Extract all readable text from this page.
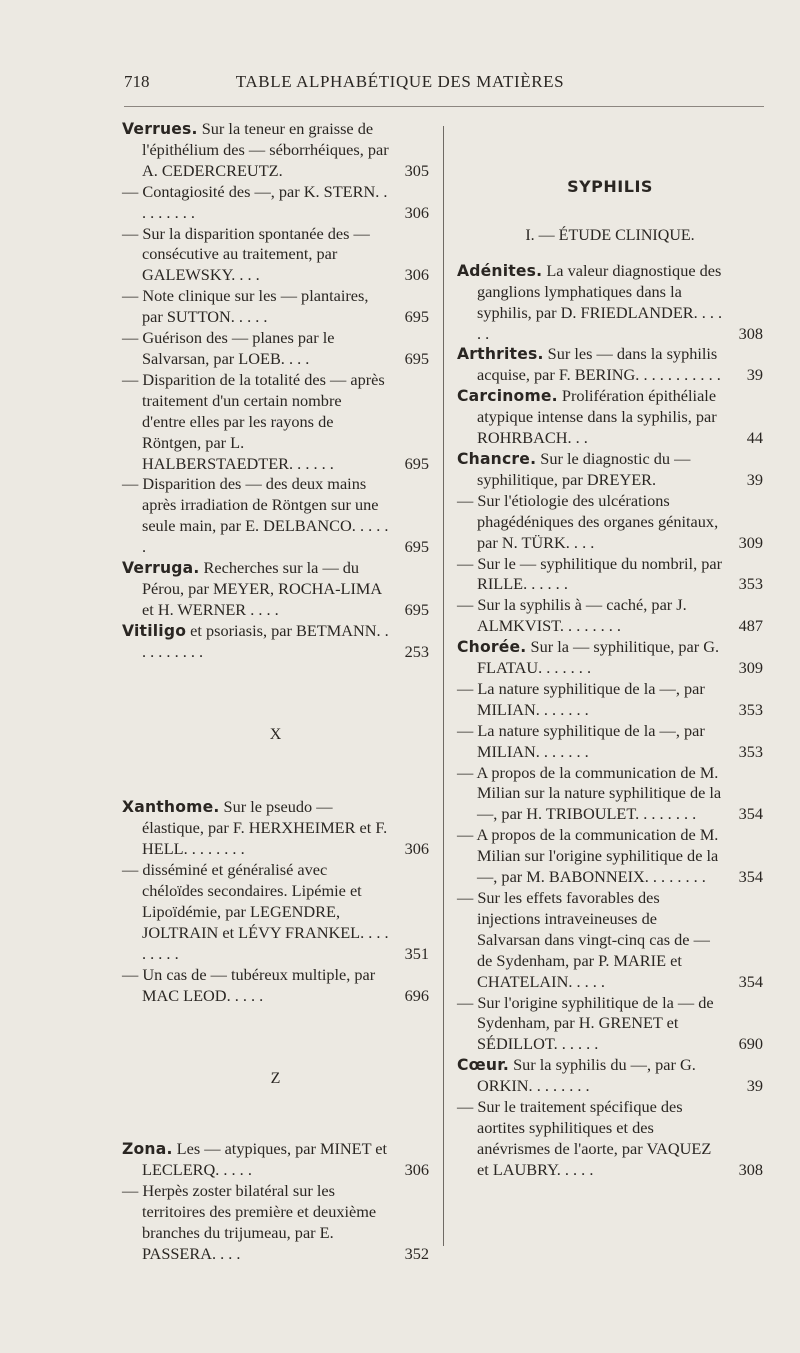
718	TABLE ALPHABÉTIQUE DES MATIÈRES
Verrues. Sur la teneur en graisse de l'épithélium des — séborrhéiques, par A. CEDERCREUTZ.	305
— Contagiosité des —, par K. STERN. . . . . . . . .	306
— Sur la disparition spontanée des — consécutive au traitement, par GALEWSKY. . . .	306
— Note clinique sur les — plantaires, par SUTTON. . . . .	695
— Guérison des — planes par le Salvarsan, par LOEB. . . .	695
— Disparition de la totalité des — après traitement d'un certain nombre d'entre elles par les rayons de Röntgen, par L. HALBERSTAEDTER. . . . . .	695
— Disparition des — des deux mains après irradiation de Röntgen sur une seule main, par E. DELBANCO. . . . . .	695
Verruga. Recherches sur la — du Pérou, par MEYER, ROCHA-LIMA et H. WERNER . . . .	695
Vitiligo et psoriasis, par BETMANN. . . . . . . . . .	253
X
Xanthome. Sur le pseudo — élastique, par F. HERXHEIMER et F. HELL. . . . . . . .	306
— disséminé et généralisé avec chéloïdes secondaires. Lipémie et Lipoïdémie, par LEGENDRE, JOLTRAIN et LÉVY FRANKEL. . . . . . . . .	351
— Un cas de — tubéreux multiple, par MAC LEOD. . . . .	696
Z
Zona. Les — atypiques, par MINET et LECLERQ. . . . .	306
— Herpès zoster bilatéral sur les territoires des première et deuxième branches du trijumeau, par E. PASSERA. . . .	352
SYPHILIS
I. — ÉTUDE CLINIQUE.
Adénites. La valeur diagnostique des ganglions lymphatiques dans la syphilis, par D. FRIEDLANDER. . . . . .	308
Arthrites. Sur les — dans la syphilis acquise, par F. BERING. . . . . . . . . . .	39
Carcinome. Prolifération épithéliale atypique intense dans la syphilis, par ROHRBACH. . .	44
Chancre. Sur le diagnostic du — syphilitique, par DREYER.	39
— Sur l'étiologie des ulcérations phagédéniques des organes génitaux, par N. TÜRK. . . .	309
— Sur le — syphilitique du nombril, par RILLE. . . . . .	353
— Sur la syphilis à — caché, par J. ALMKVIST. . . . . . . .	487
Chorée. Sur la — syphilitique, par G. FLATAU. . . . . . .	309
— La nature syphilitique de la —, par MILIAN. . . . . . .	353
— La nature syphilitique de la —, par MILIAN. . . . . . .	353
— A propos de la communication de M. Milian sur la nature syphilitique de la —, par H. TRIBOULET. . . . . . . .	354
— A propos de la communication de M. Milian sur l'origine syphilitique de la —, par M. BABONNEIX. . . . . . . .	354
— Sur les effets favorables des injections intraveineuses de Salvarsan dans vingt-cinq cas de — de Sydenham, par P. MARIE et CHATELAIN. . . . .	354
— Sur l'origine syphilitique de la — de Sydenham, par H. GRENET et SÉDILLOT. . . . . .	690
Cœur. Sur la syphilis du —, par G. ORKIN. . . . . . . .	39
— Sur le traitement spécifique des aortites syphilitiques et des anévrismes de l'aorte, par VAQUEZ et LAUBRY. . . . .	308
